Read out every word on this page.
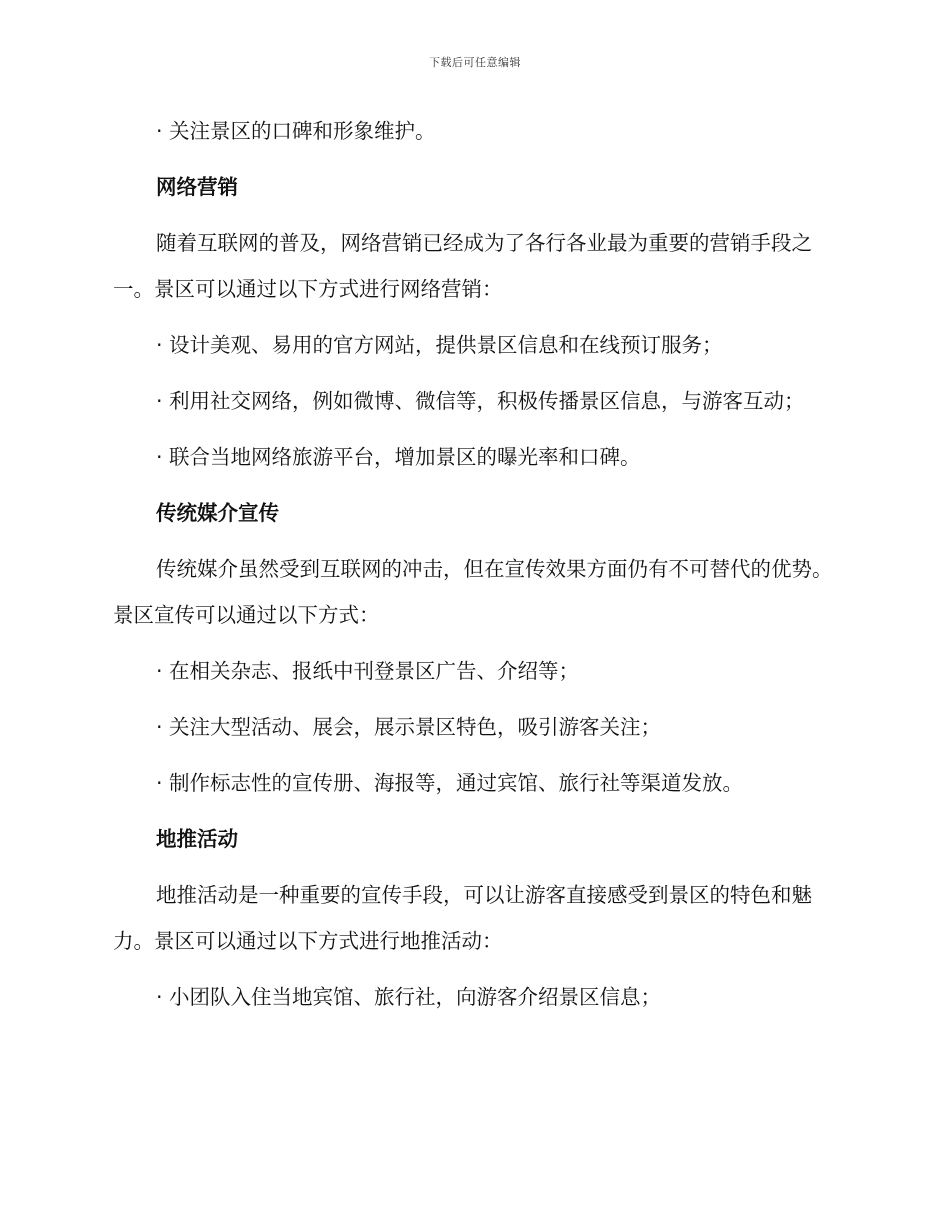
下载后可任意编辑

· 关注景区的口碑和形象维护。

网络营销

随着互联网的普及，网络营销已经成为了各行各业最为重要的营销手段之一。景区可以通过以下方式进行网络营销：

· 设计美观、易用的官方网站，提供景区信息和在线预订服务；

· 利用社交网络，例如微博、微信等，积极传播景区信息，与游客互动；

· 联合当地网络旅游平台，增加景区的曝光率和口碑。

传统媒介宣传

传统媒介虽然受到互联网的冲击，但在宣传效果方面仍有不可替代的优势。景区宣传可以通过以下方式：

· 在相关杂志、报纸中刊登景区广告、介绍等；

· 关注大型活动、展会，展示景区特色，吸引游客关注；

· 制作标志性的宣传册、海报等，通过宾馆、旅行社等渠道发放。

地推活动

地推活动是一种重要的宣传手段，可以让游客直接感受到景区的特色和魅力。景区可以通过以下方式进行地推活动：

· 小团队入住当地宾馆、旅行社，向游客介绍景区信息；
